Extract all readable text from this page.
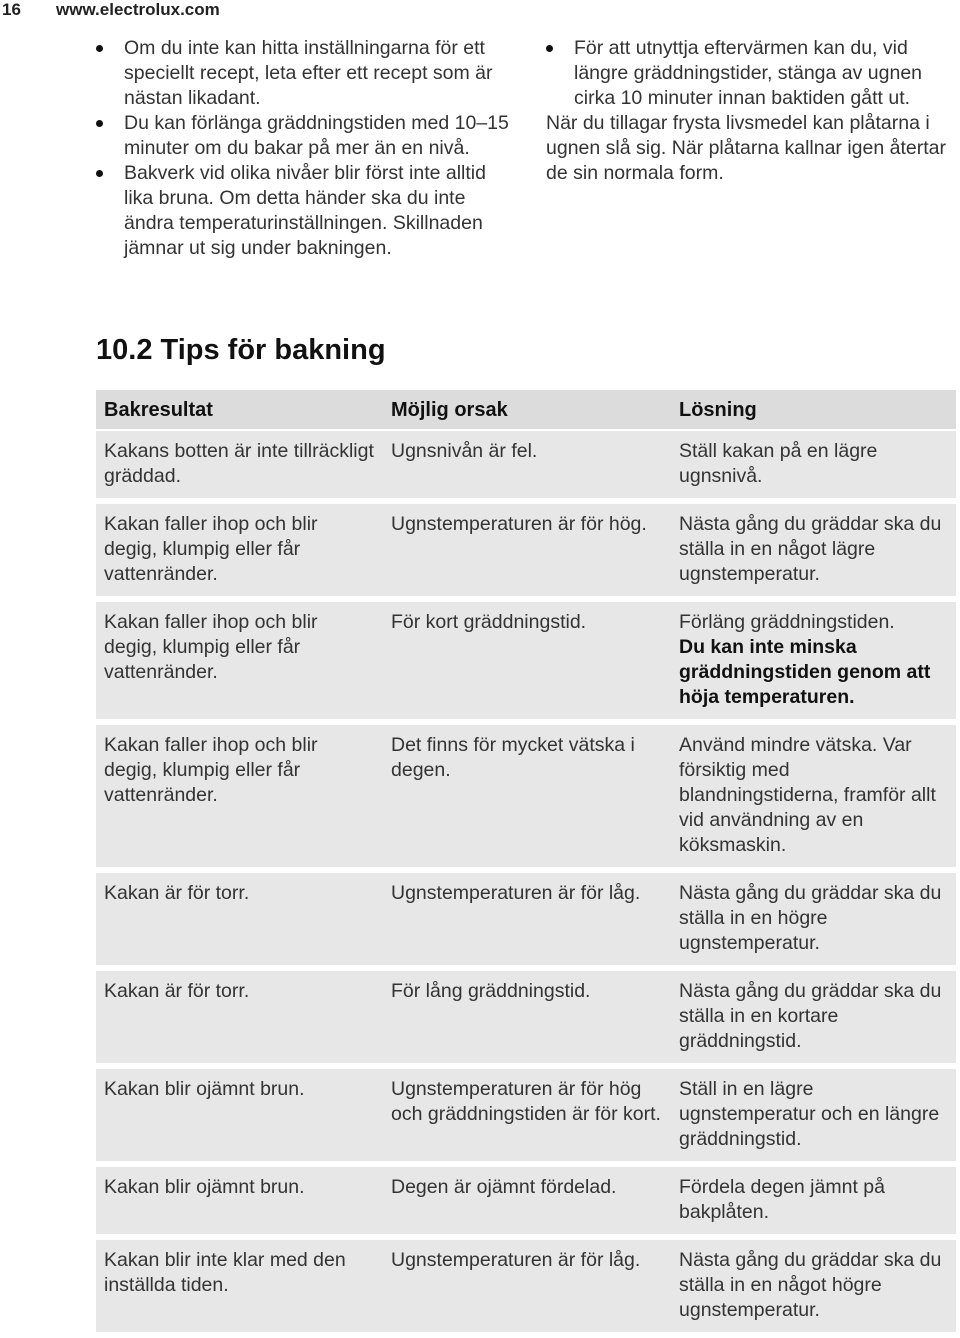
16	www.electrolux.com
Om du inte kan hitta inställningarna för ett speciellt recept, leta efter ett recept som är nästan likadant.
Du kan förlänga gräddningstiden med 10–15 minuter om du bakar på mer än en nivå.
Bakverk vid olika nivåer blir först inte alltid lika bruna. Om detta händer ska du inte ändra temperaturinställningen. Skillnaden jämnar ut sig under bakningen.
För att utnyttja eftervärmen kan du, vid längre gräddningstider, stänga av ugnen cirka 10 minuter innan baktiden gått ut.

När du tillagar frysta livsmedel kan plåtarna i ugnen slå sig. När plåtarna kallnar igen återtar de sin normala form.

10.2 Tips för bakning
Bakresultat	Möjlig orsak	Lösning
Kakans botten är inte tillräckligt gräddad.	Ugnsnivån är fel.	Ställ kakan på en lägre ugnsnivå.
Kakan faller ihop och blir degig, klumpig eller får vattenränder.	Ugnstemperaturen är för hög.	Nästa gång du gräddar ska du ställa in en något lägre ugnstemperatur.
Kakan faller ihop och blir degig, klumpig eller får vattenränder.	För kort gräddningstid.	Förläng gräddningstiden.
Du kan inte minska gräddningstiden genom att höja temperaturen.

Kakan faller ihop och blir degig, klumpig eller får vattenränder.	Det finns för mycket vätska i degen.	Använd mindre vätska. Var försiktig med blandningstiderna, framför allt vid användning av en köksmaskin.
Kakan är för torr.	Ugnstemperaturen är för låg.	Nästa gång du gräddar ska du ställa in en högre ugnstemperatur.
Kakan är för torr.	För lång gräddningstid.	Nästa gång du gräddar ska du ställa in en kortare gräddningstid.
Kakan blir ojämnt brun.	Ugnstemperaturen är för hög och gräddningstiden är för kort.	Ställ in en lägre ugnstemperatur och en längre gräddningstid.
Kakan blir ojämnt brun.	Degen är ojämnt fördelad.	Fördela degen jämnt på bakplåten.
Kakan blir inte klar med den inställda tiden.	Ugnstemperaturen är för låg.	Nästa gång du gräddar ska du ställa in en något högre ugnstemperatur.
